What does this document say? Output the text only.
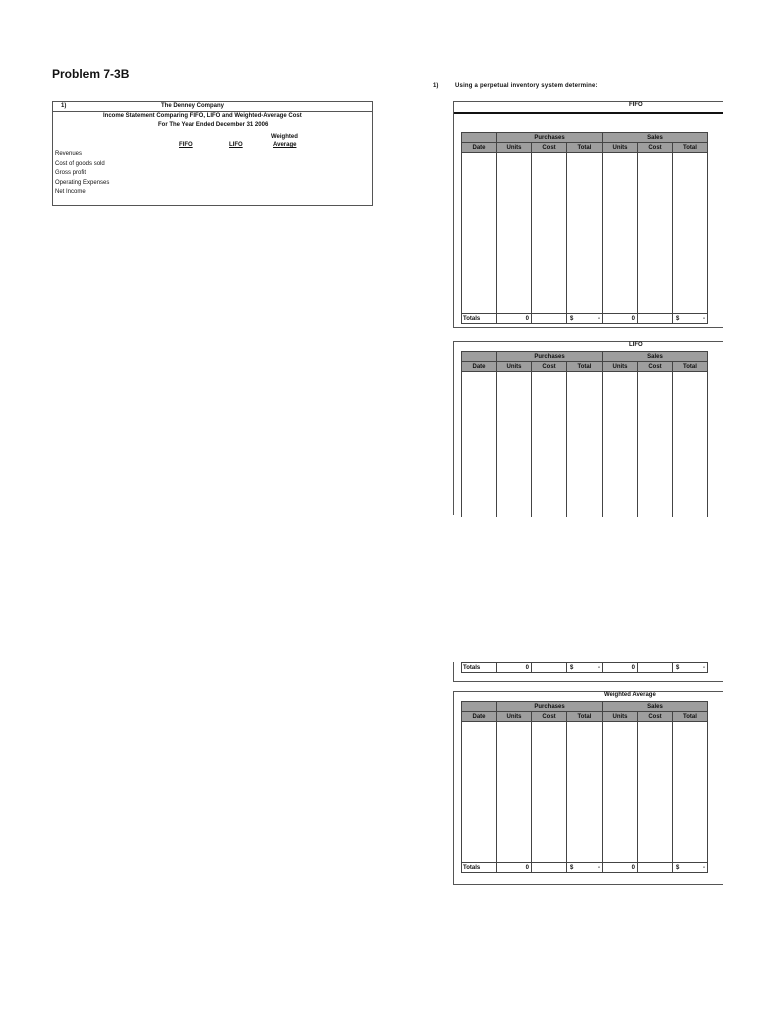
Problem 7-3B
1)	Using a perpetual inventory system determine:
1)	The Denney Company
Income Statement Comparing FIFO, LIFO and Weighted-Average Cost
For The Year Ended December 31 2006
Weighted
FIFO	LIFO	Average
Revenues
Cost of goods sold
Gross profit
Operating Expenses
Net Income
FIFO
	Purchases			Sales		
Date	Units	Cost	Total	Units	Cost	Total

Totals	0		$ -	0		$ -
LIFO
	Purchases			Sales		
Date	Units	Cost	Total	Units	Cost	Total

Totals	0		$	-	0		$	-
Weighted Average
	Purchases			Sales		
Date	Units	Cost	Total	Units	Cost	Total

Totals	0		$ -	0		$ -
